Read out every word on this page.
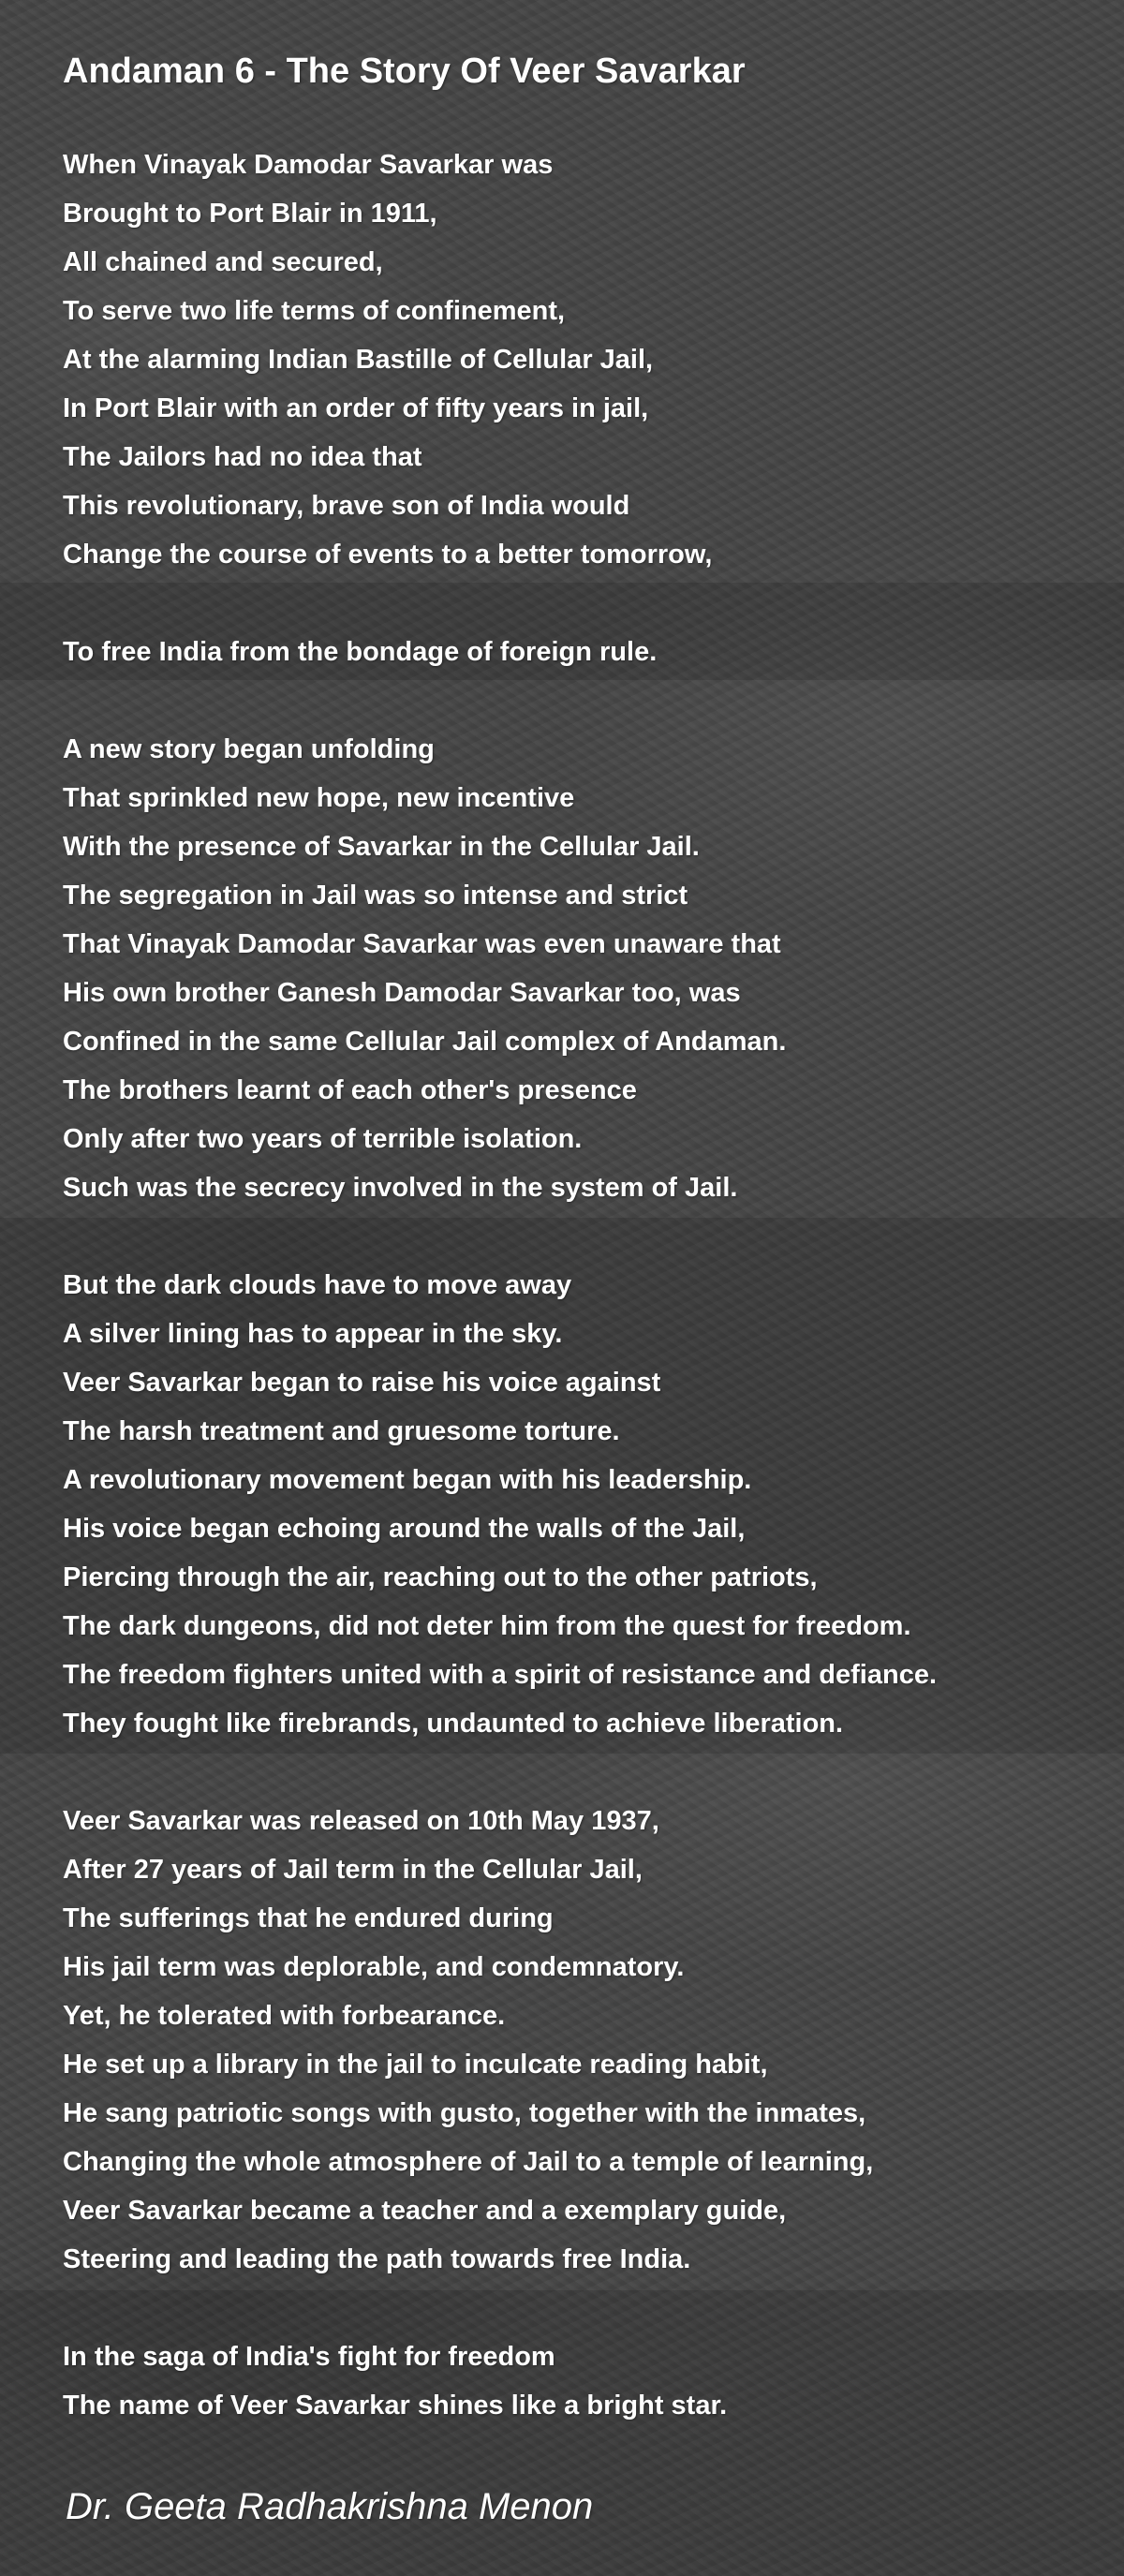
Andaman 6 - The Story Of Veer Savarkar
When Vinayak Damodar Savarkar was
Brought to Port Blair in 1911,
All chained and secured,
To serve two life terms of confinement,
At the alarming Indian Bastille of Cellular Jail,
In Port Blair with an order of fifty years in jail,
The Jailors had no idea that
This revolutionary, brave son of India would
Change the course of events to a better tomorrow,
To free India from the bondage of foreign rule.
A new story began unfolding
That sprinkled new hope, new incentive
With the presence of Savarkar in the Cellular Jail.
The segregation in Jail was so intense and strict
That Vinayak Damodar Savarkar was even unaware that
His own brother Ganesh Damodar Savarkar too, was
Confined in the same Cellular Jail complex of Andaman.
The brothers learnt of each other's presence
Only after two years of terrible isolation.
Such was the secrecy involved in the system of Jail.
But the dark clouds have to move away
A silver lining has to appear in the sky.
Veer Savarkar began to raise his voice against
The harsh treatment and gruesome torture.
A revolutionary movement began with his leadership.
His voice began echoing around the walls of the Jail,
Piercing through the air, reaching out to the other patriots,
The dark dungeons, did not deter him from the quest for freedom.
The freedom fighters united with a spirit of resistance and defiance.
They fought like firebrands, undaunted to achieve liberation.
Veer Savarkar was released on 10th May 1937,
After 27 years of Jail term in the Cellular Jail,
The sufferings that he endured during
His jail term was deplorable, and condemnatory.
Yet, he tolerated with forbearance.
He set up a library in the jail to inculcate reading habit,
He sang patriotic songs with gusto, together with the inmates,
Changing the whole atmosphere of Jail to a temple of learning,
Veer Savarkar became a teacher and a exemplary guide,
Steering and leading the path towards free India.
In the saga of India's fight for freedom
The name of Veer Savarkar shines like a bright star.
Dr. Geeta Radhakrishna Menon
